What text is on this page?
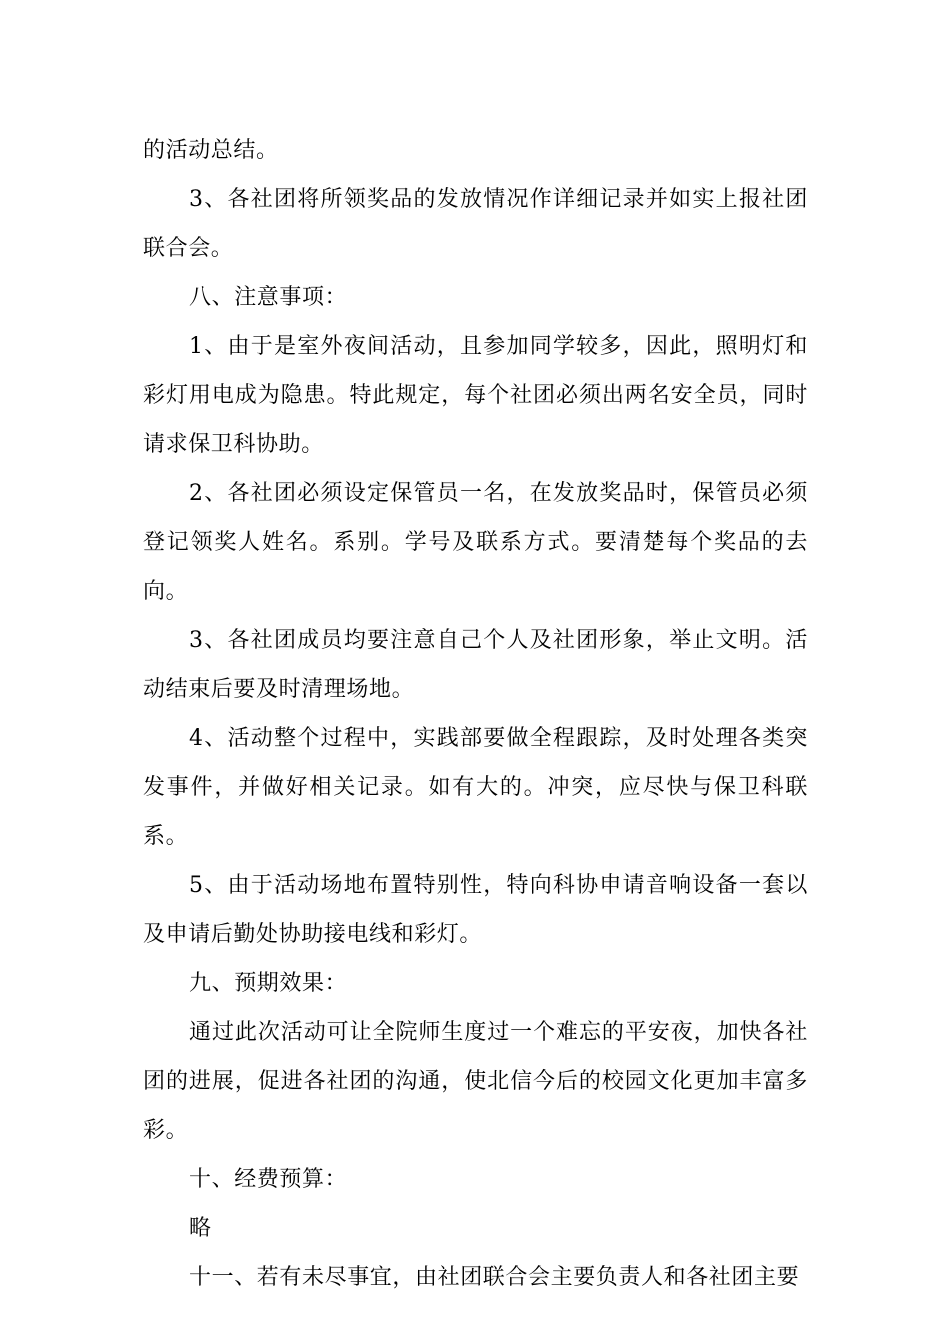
的活动总结。

3、各社团将所领奖品的发放情况作详细记录并如实上报社团联合会。

八、注意事项：

1、由于是室外夜间活动，且参加同学较多，因此，照明灯和彩灯用电成为隐患。特此规定，每个社团必须出两名安全员，同时请求保卫科协助。

2、各社团必须设定保管员一名，在发放奖品时，保管员必须登记领奖人姓名。系别。学号及联系方式。要清楚每个奖品的去向。

3、各社团成员均要注意自己个人及社团形象，举止文明。活动结束后要及时清理场地。

4、活动整个过程中，实践部要做全程跟踪，及时处理各类突发事件，并做好相关记录。如有大的。冲突，应尽快与保卫科联系。

5、由于活动场地布置特别性，特向科协申请音响设备一套以及申请后勤处协助接电线和彩灯。

九、预期效果：

通过此次活动可让全院师生度过一个难忘的平安夜，加快各社团的进展，促进各社团的沟通，使北信今后的校园文化更加丰富多彩。

十、经费预算：

略

十一、若有未尽事宜，由社团联合会主要负责人和各社团主要
